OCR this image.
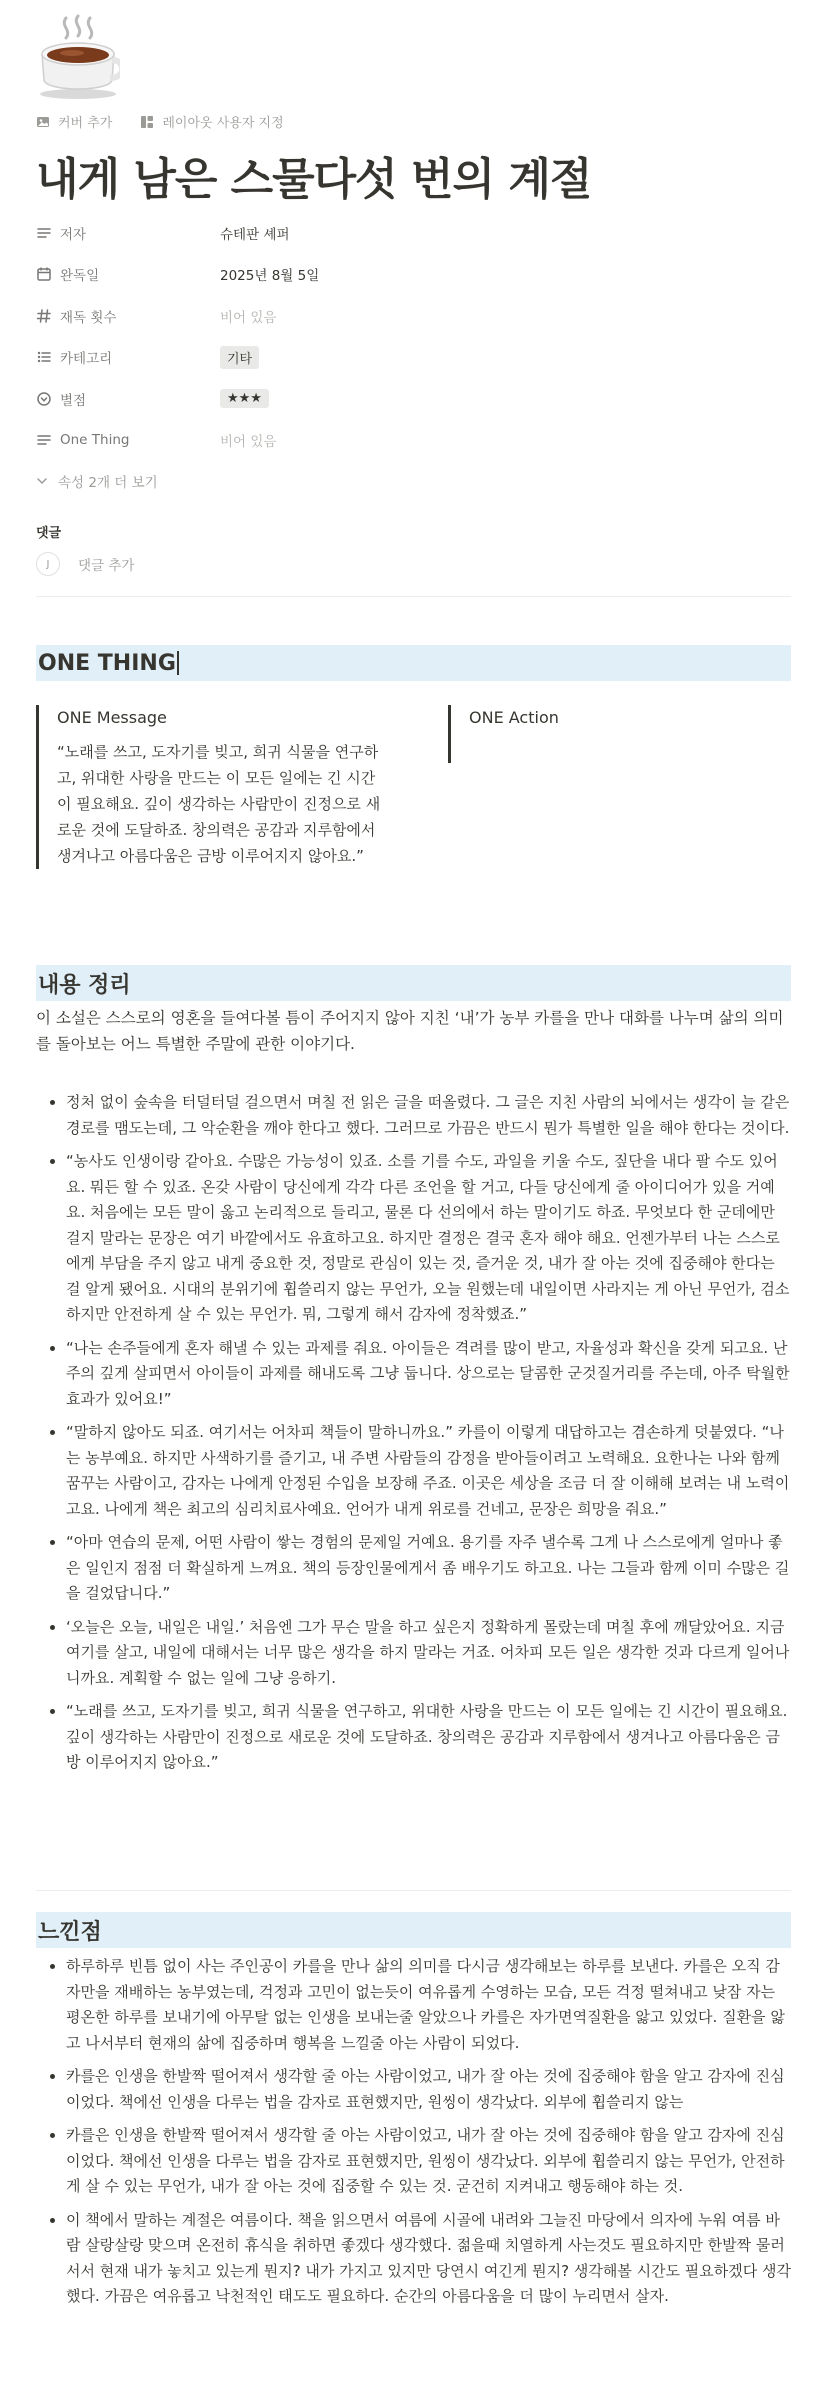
커버 추가	레이아웃 사용자 지정
내게 남은 스물다섯 번의 계절
저자	슈테판 셰퍼
완독일	2025년 8월 5일
재독 횟수	비어 있음
카테고리	기타
별점	★★★
One Thing	비어 있음
속성 2개 더 보기
댓글
J	댓글 추가
ONE THING
ONE Message
“노래를 쓰고, 도자기를 빚고, 희귀 식물을 연구하고, 위대한 사랑을 만드는 이 모든 일에는 긴 시간이 필요해요. 깊이 생각하는 사람만이 진정으로 새로운 것에 도달하죠. 창의력은 공감과 지루함에서 생겨나고 아름다움은 금방 이루어지지 않아요.”
ONE Action
내용 정리
이 소설은 스스로의 영혼을 들여다볼 틈이 주어지지 않아 지친 ‘내’가 농부 카를을 만나 대화를 나누며 삶의 의미를 돌아보는 어느 특별한 주말에 관한 이야기다.
• 정처 없이 숲속을 터덜터덜 걸으면서 며칠 전 읽은 글을 떠올렸다. 그 글은 지친 사람의 뇌에서는 생각이 늘 같은 경로를 맴도는데, 그 악순환을 깨야 한다고 했다. 그러므로 가끔은 반드시 뭔가 특별한 일을 해야 한다는 것이다.
• “농사도 인생이랑 같아요. 수많은 가능성이 있죠. 소를 기를 수도, 과일을 키울 수도, 짚단을 내다 팔 수도 있어요. 뭐든 할 수 있죠. 온갖 사람이 당신에게 각각 다른 조언을 할 거고, 다들 당신에게 줄 아이디어가 있을 거예요. 처음에는 모든 말이 옳고 논리적으로 들리고, 물론 다 선의에서 하는 말이기도 하죠. 무엇보다 한 군데에만 걸지 말라는 문장은 여기 바깥에서도 유효하고요. 하지만 결정은 결국 혼자 해야 해요. 언젠가부터 나는 스스로에게 부담을 주지 않고 내게 중요한 것, 정말로 관심이 있는 것, 즐거운 것, 내가 잘 아는 것에 집중해야 한다는 걸 알게 됐어요. 시대의 분위기에 휩쓸리지 않는 무언가, 오늘 원했는데 내일이면 사라지는 게 아닌 무언가, 검소하지만 안전하게 살 수 있는 무언가. 뭐, 그렇게 해서 감자에 정착했죠.”
• “나는 손주들에게 혼자 해낼 수 있는 과제를 줘요. 아이들은 격려를 많이 받고, 자율성과 확신을 갖게 되고요. 난 주의 깊게 살피면서 아이들이 과제를 해내도록 그냥 둡니다. 상으로는 달콤한 군것질거리를 주는데, 아주 탁월한 효과가 있어요!”
• “말하지 않아도 되죠. 여기서는 어차피 책들이 말하니까요.” 카를이 이렇게 대답하고는 겸손하게 덧붙였다. “나는 농부예요. 하지만 사색하기를 즐기고, 내 주변 사람들의 감정을 받아들이려고 노력해요. 요한나는 나와 함께 꿈꾸는 사람이고, 감자는 나에게 안정된 수입을 보장해 주죠. 이곳은 세상을 조금 더 잘 이해해 보려는 내 노력이고요. 나에게 책은 최고의 심리치료사예요. 언어가 내게 위로를 건네고, 문장은 희망을 줘요.”
• “아마 연습의 문제, 어떤 사람이 쌓는 경험의 문제일 거예요. 용기를 자주 낼수록 그게 나 스스로에게 얼마나 좋은 일인지 점점 더 확실하게 느껴요. 책의 등장인물에게서 좀 배우기도 하고요. 나는 그들과 함께 이미 수많은 길을 걸었답니다.”
• ‘오늘은 오늘, 내일은 내일.’ 처음엔 그가 무슨 말을 하고 싶은지 정확하게 몰랐는데 며칠 후에 깨달았어요. 지금 여기를 살고, 내일에 대해서는 너무 많은 생각을 하지 말라는 거죠. 어차피 모든 일은 생각한 것과 다르게 일어나니까요. 계획할 수 없는 일에 그냥 응하기.
• “노래를 쓰고, 도자기를 빚고, 희귀 식물을 연구하고, 위대한 사랑을 만드는 이 모든 일에는 긴 시간이 필요해요. 깊이 생각하는 사람만이 진정으로 새로운 것에 도달하죠. 창의력은 공감과 지루함에서 생겨나고 아름다움은 금방 이루어지지 않아요.”
느낀점
• 하루하루 빈틈 없이 사는 주인공이 카를을 만나 삶의 의미를 다시금 생각해보는 하루를 보낸다. 카를은 오직 감자만을 재배하는 농부였는데, 걱정과 고민이 없는듯이 여유롭게 수영하는 모습, 모든 걱정 떨쳐내고 낮잠 자는 평온한 하루를 보내기에 아무탈 없는 인생을 보내는줄 알았으나 카를은 자가면역질환을 앓고 있었다. 질환을 앓고 나서부터 현재의 삶에 집중하며 행복을 느낄줄 아는 사람이 되었다.
• 카를은 인생을 한발짝 떨어져서 생각할 줄 아는 사람이었고, 내가 잘 아는 것에 집중해야 함을 알고 감자에 진심이었다. 책에선 인생을 다루는 법을 감자로 표현했지만, 원씽이 생각났다. 외부에 휩쓸리지 않는
• 카를은 인생을 한발짝 떨어져서 생각할 줄 아는 사람이었고, 내가 잘 아는 것에 집중해야 함을 알고 감자에 진심이었다. 책에선 인생을 다루는 법을 감자로 표현했지만, 원씽이 생각났다. 외부에 휩쓸리지 않는 무언가, 안전하게 살 수 있는 무언가, 내가 잘 아는 것에 집중할 수 있는 것. 굳건히 지켜내고 행동해야 하는 것.
• 이 책에서 말하는 계절은 여름이다. 책을 읽으면서 여름에 시골에 내려와 그늘진 마당에서 의자에 누워 여름 바람 살랑살랑 맞으며 온전히 휴식을 취하면 좋겠다 생각했다. 젊을때 치열하게 사는것도 필요하지만 한발짝 물러서서 현재 내가 놓치고 있는게 뭔지? 내가 가지고 있지만 당연시 여긴게 뭔지? 생각해볼 시간도 필요하겠다 생각했다. 가끔은 여유롭고 낙천적인 태도도 필요하다. 순간의 아름다움을 더 많이 누리면서 살자.
